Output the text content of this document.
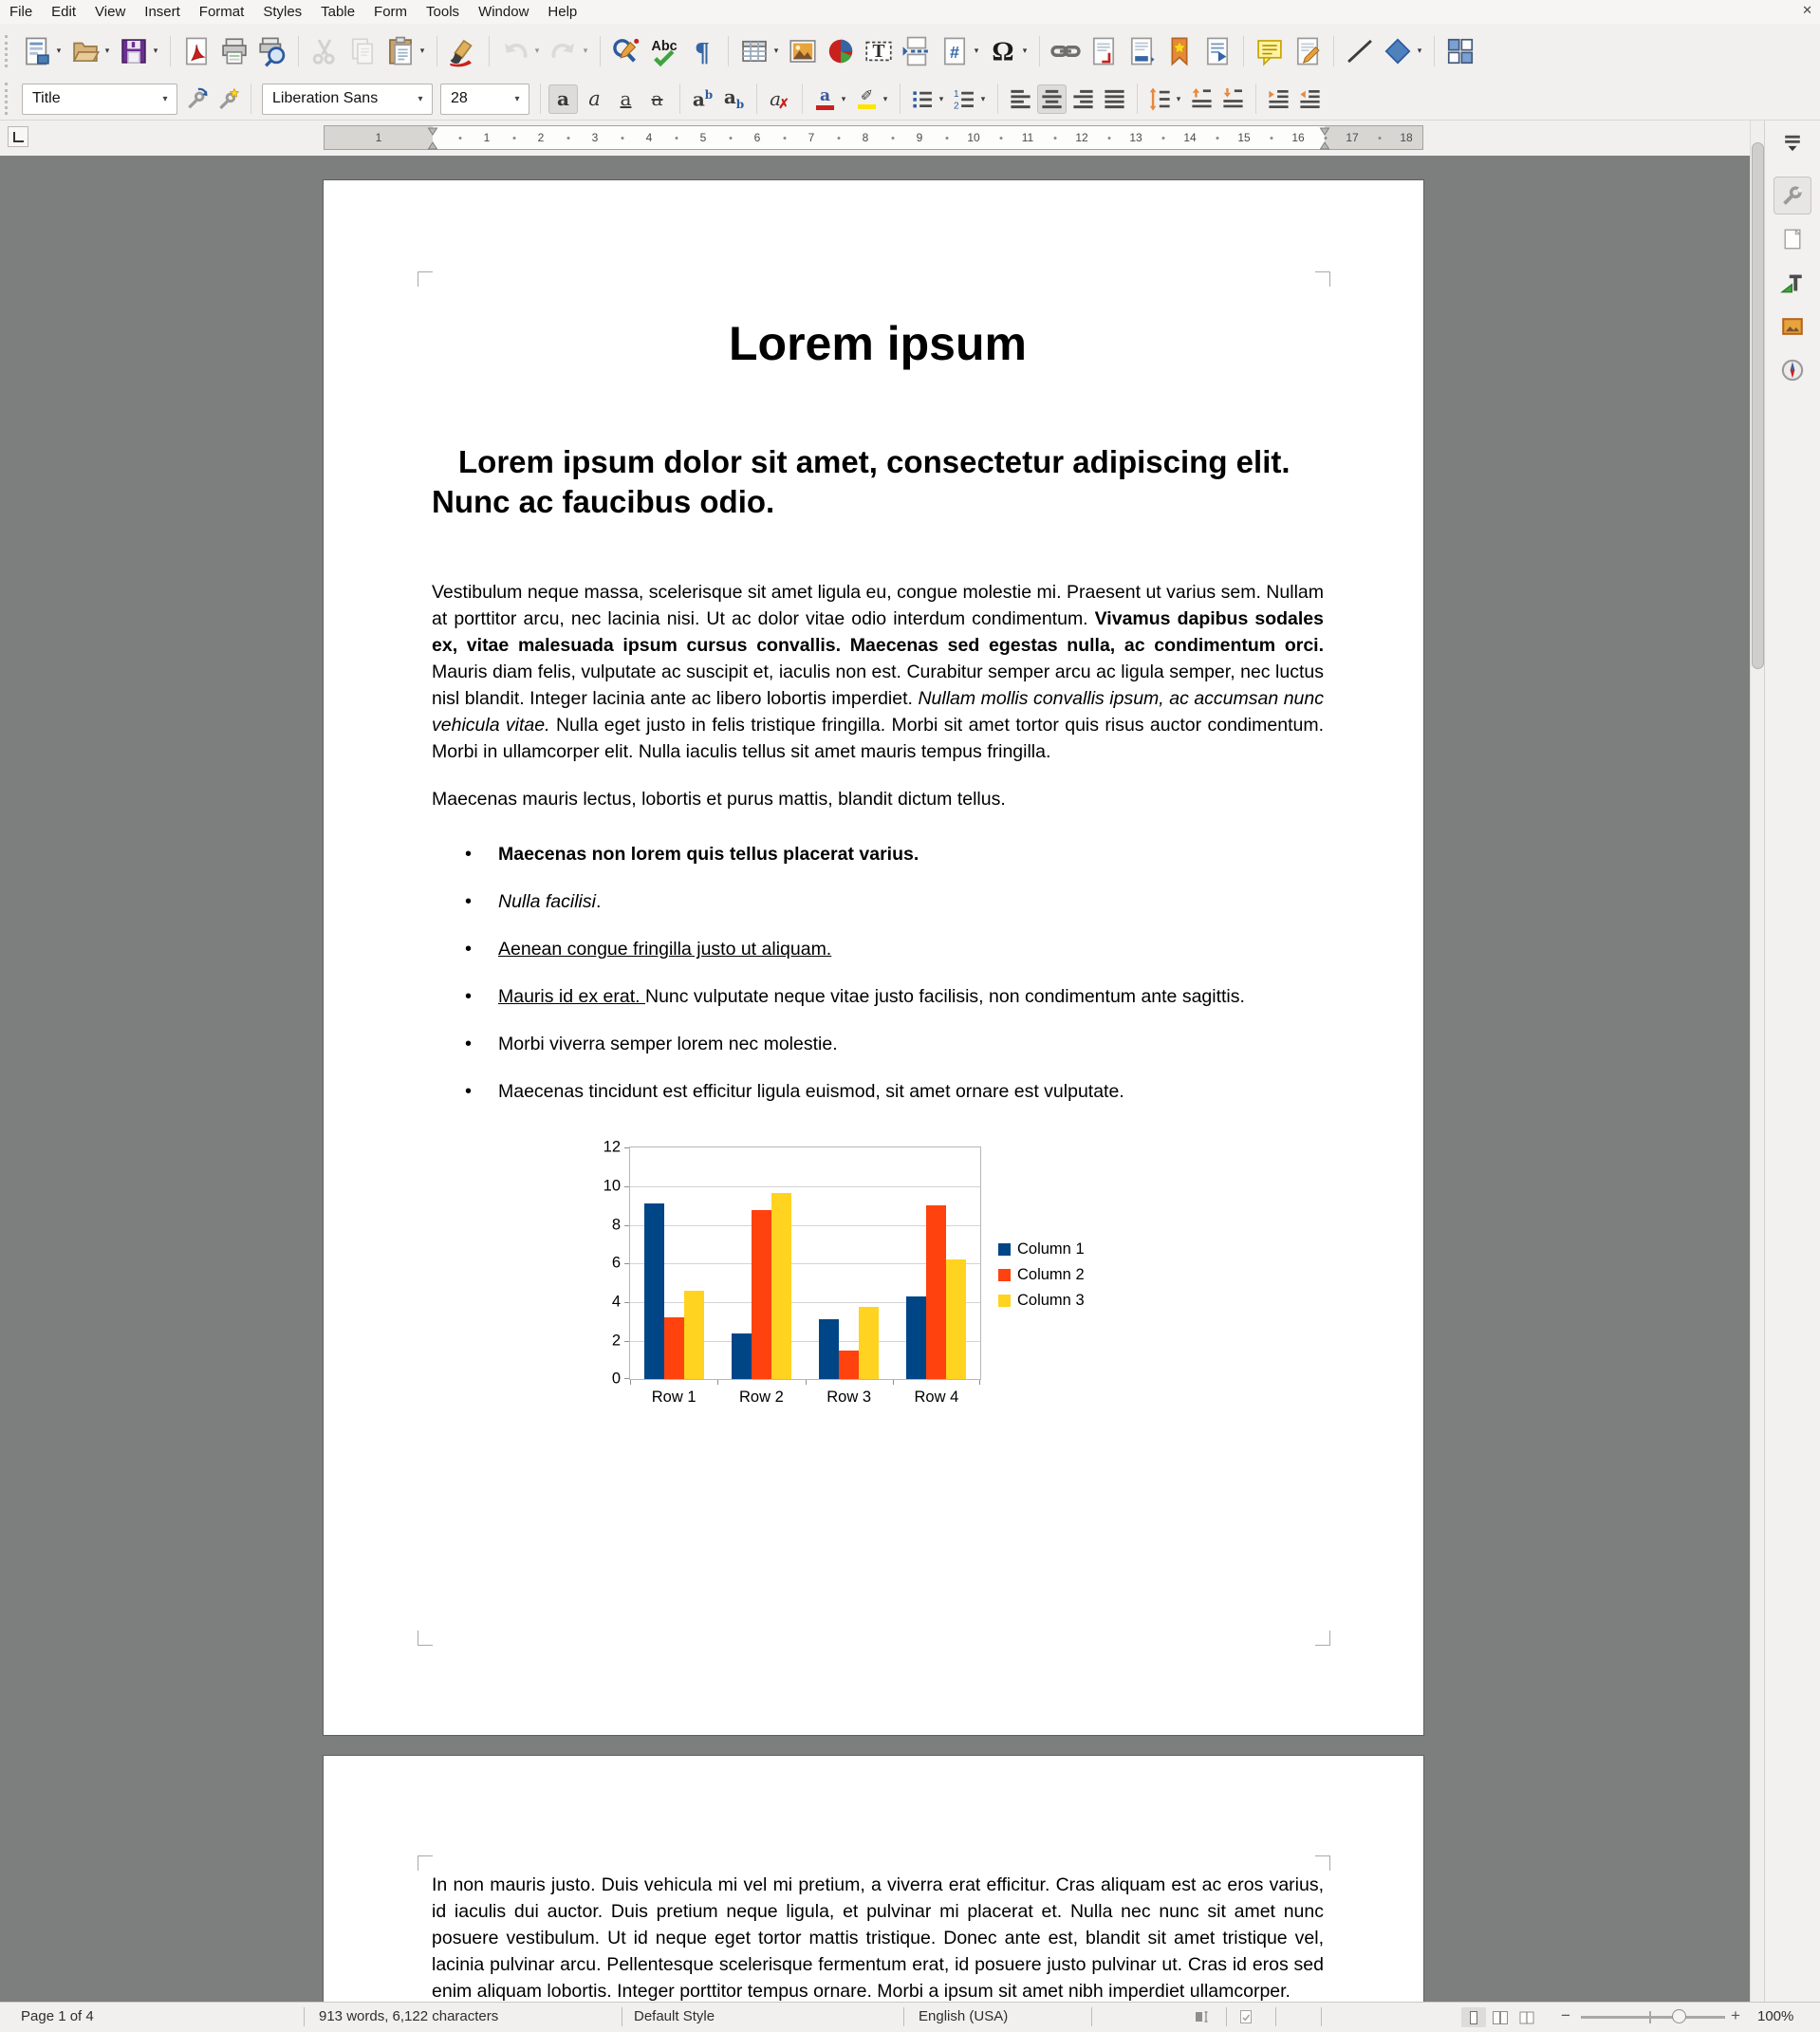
File	Edit	View	Insert	Format	Styles	Table	Form	Tools	Window	Help	✕
▾	▾	▾	▾	▾	▾	Abc ¶	▾	T	#	▾ Ω	▾	▾
Title	▾	Liberation Sans	▾	28	▾	a a a a $a^b$ $a_b$ a
✗ a	▾ ✐	▾	▾	1
2
▾	▾
1	1	2	3	4	5	6	7	8	9	10	11	12	13	14	15	16	17	18
Lorem ipsum
Lorem ipsum dolor sit amet, consectetur adipiscing elit. Nunc ac faucibus odio.
Vestibulum neque massa, scelerisque sit amet ligula eu, congue molestie mi. Praesent ut varius sem. Nullam at porttitor arcu, nec lacinia nisi. Ut ac dolor vitae odio interdum condimentum. Vivamus dapibus sodales ex, vitae malesuada ipsum cursus convallis. Maecenas sed egestas nulla, ac condimentum orci. Mauris diam felis, vulputate ac suscipit et, iaculis non est. Curabitur semper arcu ac ligula semper, nec luctus nisl blandit. Integer lacinia ante ac libero lobortis imperdiet. Nullam mollis convallis ipsum, ac accumsan nunc vehicula vitae. Nulla eget justo in felis tristique fringilla. Morbi sit amet tortor quis risus auctor condimentum. Morbi in ullamcorper elit. Nulla iaculis tellus sit amet mauris tempus fringilla.
Maecenas mauris lectus, lobortis et purus mattis, blandit dictum tellus.
• Maecenas non lorem quis tellus placerat varius.
• Nulla facilisi.
• Aenean congue fringilla justo ut aliquam.
• Mauris id ex erat. Nunc vulputate neque vitae justo facilisis, non condimentum ante sagittis.
• Morbi viverra semper lorem nec molestie.
• Maecenas tincidunt est efficitur ligula euismod, sit amet ornare est vulputate.
0
2
4
6
8
10
12
Row 1	Row 2	Row 3	Row 4
Column 1
Column 2
Column 3
In non mauris justo. Duis vehicula mi vel mi pretium, a viverra erat efficitur. Cras aliquam est ac eros varius, id iaculis dui auctor. Duis pretium neque ligula, et pulvinar mi placerat et. Nulla nec nunc sit amet nunc posuere vestibulum. Ut id neque eget tortor mattis tristique. Donec ante est, blandit sit amet tristique vel, lacinia pulvinar arcu. Pellentesque scelerisque fermentum erat, id posuere justo pulvinar ut. Cras id eros sed enim aliquam lobortis. Integer porttitor tempus ornare. Morbi a ipsum sit amet nibh imperdiet ullamcorper.
Page 1 of 4	913 words, 6,122 characters	Default Style	English (USA)	−	+ 100%
